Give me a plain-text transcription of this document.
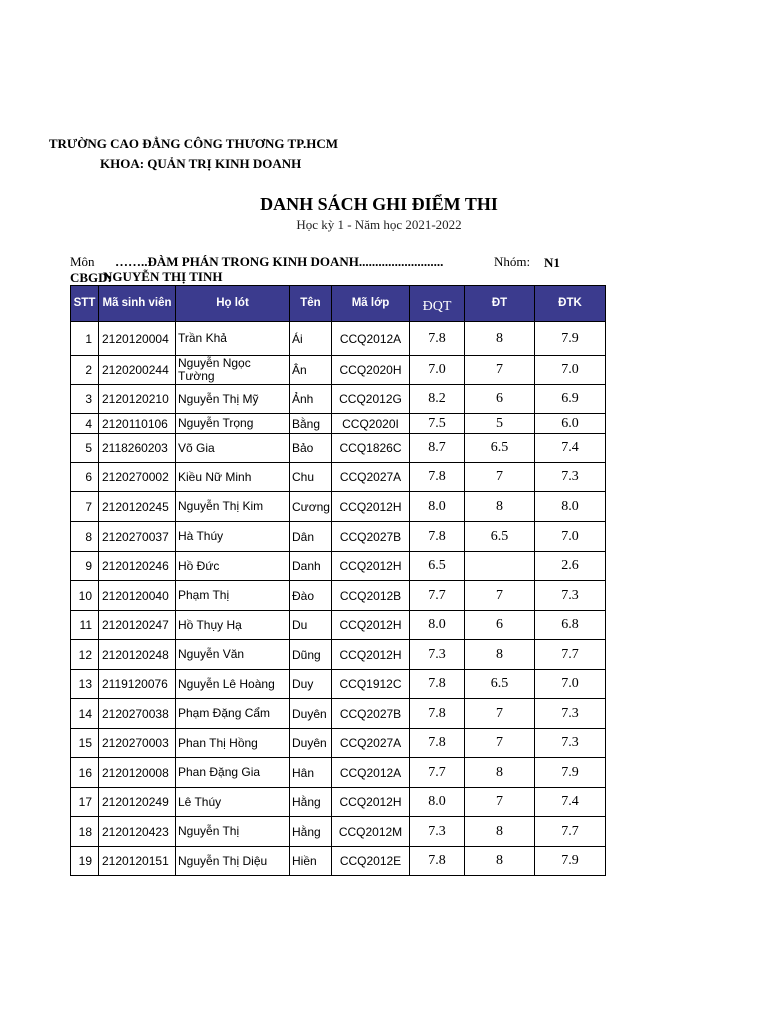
TRƯỜNG CAO ĐẲNG CÔNG THƯƠNG TP.HCM
KHOA: QUẢN TRỊ KINH DOANH
DANH SÁCH GHI ĐIỂM THI
Học kỳ 1 - Năm học 2021-2022
Môn ……..ĐÀM PHÁN TRONG KINH DOANH..........................	Nhóm: N1
CBGD:
NGUYỄN THỊ TINH
STT	Mã sinh viên	Họ lót	Tên	Mã lớp	ĐQT	ĐT	ĐTK
1	2120120004	Trần Khả	Ái	CCQ2012A	7.8	8	7.9
2	2120200244	Nguyễn Ngọc Tường	Ân	CCQ2020H	7.0	7	7.0
3	2120120210	Nguyễn Thị Mỹ	Ảnh	CCQ2012G	8.2	6	6.9
4	2120110106	Nguyễn Trọng	Bằng	CCQ2020I	7.5	5	6.0
5	2118260203	Võ Gia	Bảo	CCQ1826C	8.7	6.5	7.4
6	2120270002	Kiều Nữ Minh	Chu	CCQ2027A	7.8	7	7.3
7	2120120245	Nguyễn Thị Kim	Cương	CCQ2012H	8.0	8	8.0
8	2120270037	Hà Thúy	Dân	CCQ2027B	7.8	6.5	7.0
9	2120120246	Hồ Đức	Danh	CCQ2012H	6.5		2.6
10	2120120040	Phạm Thị	Đào	CCQ2012B	7.7	7	7.3
11	2120120247	Hồ Thụy Hạ	Du	CCQ2012H	8.0	6	6.8
12	2120120248	Nguyễn Văn	Dũng	CCQ2012H	7.3	8	7.7
13	2119120076	Nguyễn Lê Hoàng	Duy	CCQ1912C	7.8	6.5	7.0
14	2120270038	Phạm Đặng Cẩm	Duyên	CCQ2027B	7.8	7	7.3
15	2120270003	Phan Thị Hồng	Duyên	CCQ2027A	7.8	7	7.3
16	2120120008	Phan Đặng Gia	Hân	CCQ2012A	7.7	8	7.9
17	2120120249	Lê Thúy	Hằng	CCQ2012H	8.0	7	7.4
18	2120120423	Nguyễn Thị	Hằng	CCQ2012M	7.3	8	7.7
19	2120120151	Nguyễn Thị Diệu	Hiền	CCQ2012E	7.8	8	7.9
